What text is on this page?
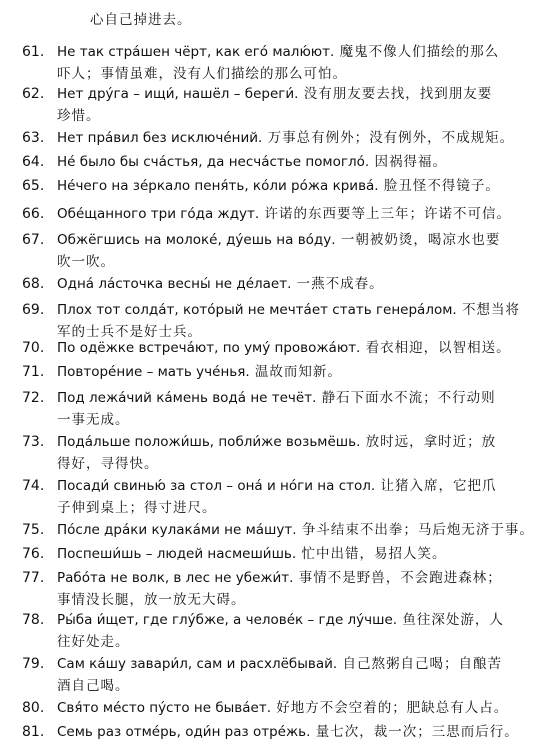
心自己掉进去。
61. Не так стра́шен чёрт, как его́ малю́ют. 魔鬼不像人们描绘的那么
吓人；事情虽难，没有人们描绘的那么可怕。
62. Нет дру́га – ищи́, нашёл – береги́. 没有朋友要去找，找到朋友要
珍惜。
63. Нет пра́вил без исключе́ний. 万事总有例外；没有例外，不成规矩。
64. Не́ было бы сча́стья, да несча́стье помогло́. 因祸得福。
65. Не́чего на зе́ркало пеня́ть, ко́ли ро́жа крива́. 脸丑怪不得镜子。
66. Обе́щанного три го́да ждут. 许诺的东西要等上三年；许诺不可信。
67. Обжёгшись на молоке́, ду́ешь на во́ду. 一朝被奶烫，喝凉水也要
吹一吹。
68. Одна́ ла́сточка весны́ не де́лает. 一燕不成春。
69. Плох тот солда́т, кото́рый не мечта́ет стать генера́лом. 不想当将
军的士兵不是好士兵。
70. По одёжке встреча́ют, по уму́ провожа́ют. 看衣相迎，以智相送。
71. Повторе́ние – мать уче́нья. 温故而知新。
72. Под лежа́чий ка́мень вода́ не течёт. 静石下面水不流；不行动则
一事无成。
73. Пода́льше положи́шь, побли́же возьмёшь. 放时远，拿时近；放
得好，寻得快。
74. Посади́ свинью́ за стол – она́ и но́ги на стол. 让猪入席，它把爪
子伸到桌上；得寸进尺。
75. По́сле дра́ки кулака́ми не ма́шут. 争斗结束不出拳；马后炮无济于事。
76. Поспеши́шь – людей насмеши́шь. 忙中出错，易招人笑。
77. Рабо́та не волк, в лес не убежи́т. 事情不是野兽，不会跑进森林；
事情没长腿，放一放无大碍。
78. Ры́ба и́щет, где глу́бже, а челове́к – где лу́чше. 鱼往深处游，人
往好处走。
79. Сам ка́шу завари́л, сам и расхлёбывай. 自己熬粥自己喝；自酿苦
酒自己喝。
80. Свя́то ме́сто пу́сто не быва́ет. 好地方不会空着的；肥缺总有人占。
81. Семь раз отме́рь, оди́н раз отре́жь. 量七次，裁一次；三思而后行。
